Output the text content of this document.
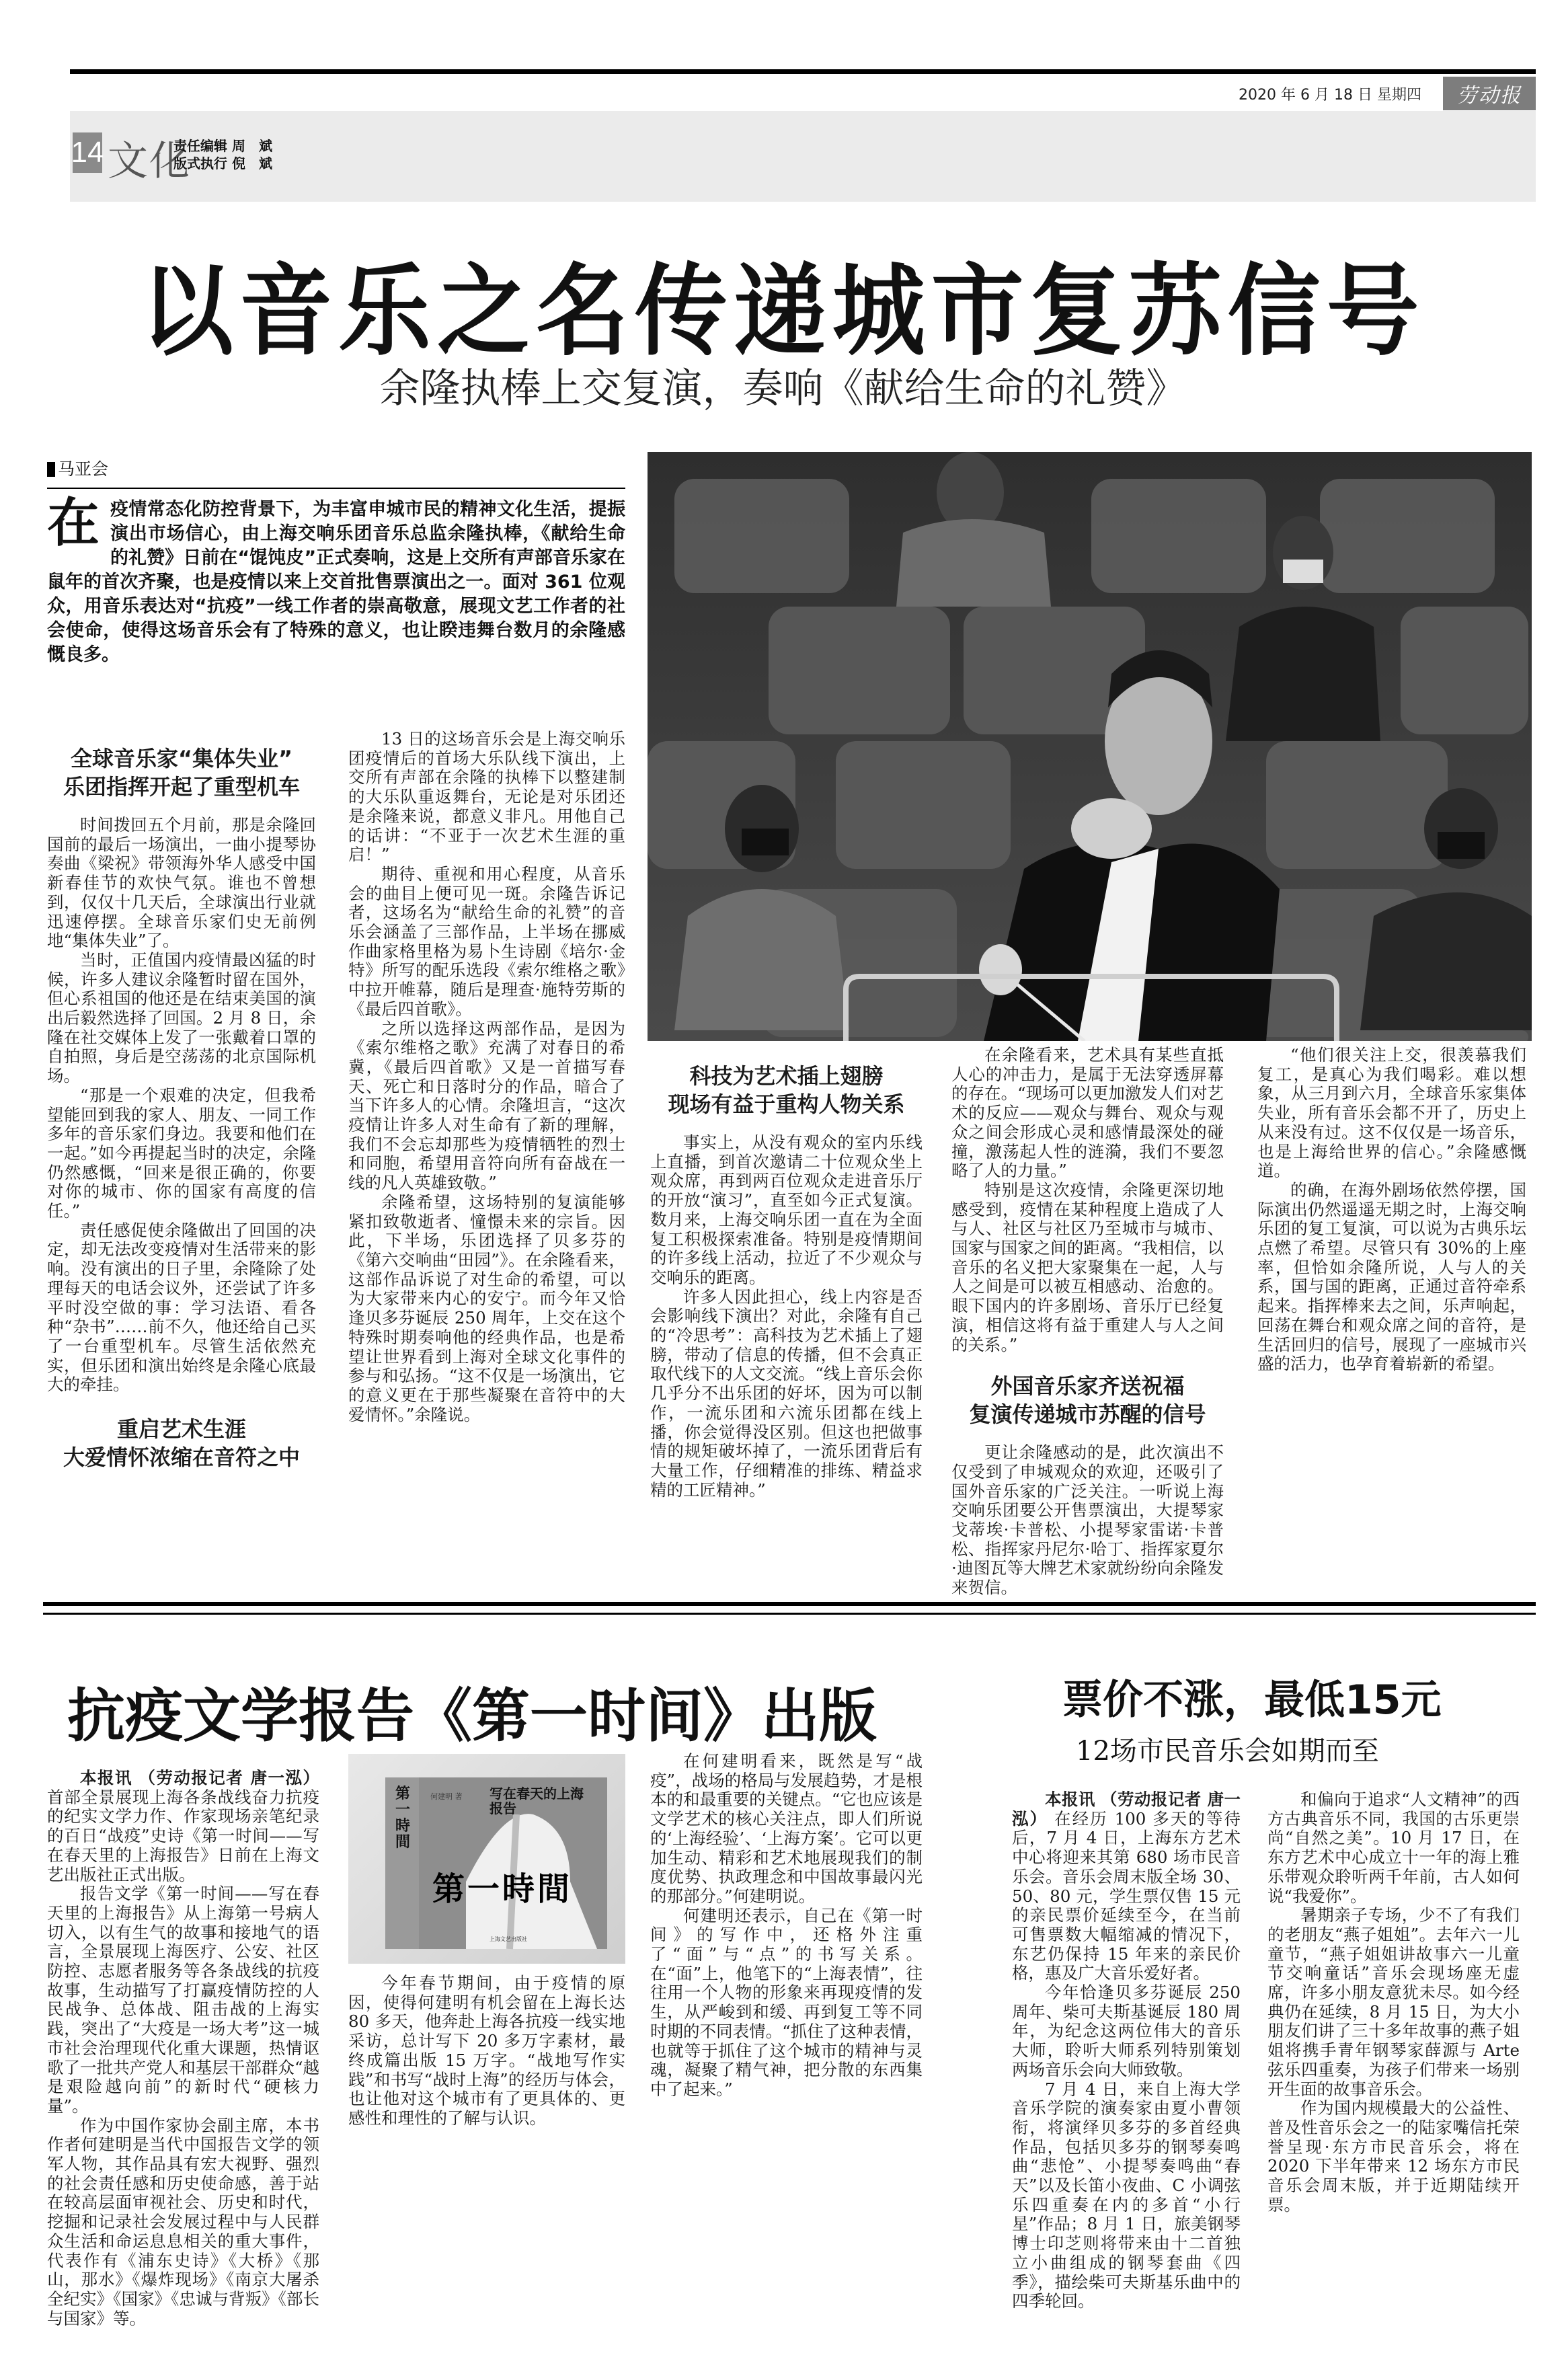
2020 年 6 月 18 日 星期四	劳动报
14 文化
责任编辑 周　斌
版式执行 倪　斌
以音乐之名传递城市复苏信号
余隆执棒上交复演，奏响《献给生命的礼赞》
马亚会
在 疫情常态化防控背景下，为丰富申城市民的精神文化生活，提振演出市场信心，由上海交响乐团音乐总监余隆执棒，《献给生命的礼赞》日前在“馄饨皮”正式奏响，这是上交所有声部音乐家在鼠年的首次齐聚，也是疫情以来上交首批售票演出之一。面对 361 位观众，用音乐表达对“抗疫”一线工作者的崇高敬意，展现文艺工作者的社会使命，使得这场音乐会有了特殊的意义，也让睽违舞台数月的余隆感慨良多。
全球音乐家“集体失业”
乐团指挥开起了重型机车

时间拨回五个月前，那是余隆回国前的最后一场演出，一曲小提琴协奏曲《梁祝》带领海外华人感受中国新春佳节的欢快气氛。谁也不曾想到，仅仅十几天后，全球演出行业就迅速停摆。全球音乐家们史无前例地“集体失业”了。

当时，正值国内疫情最凶猛的时候，许多人建议余隆暂时留在国外，但心系祖国的他还是在结束美国的演出后毅然选择了回国。2 月 8 日，余隆在社交媒体上发了一张戴着口罩的自拍照，身后是空荡荡的北京国际机场。

“那是一个艰难的决定，但我希望能回到我的家人、朋友、一同工作多年的音乐家们身边。我要和他们在一起。”如今再提起当时的决定，余隆仍然感慨，“回来是很正确的，你要对你的城市、你的国家有高度的信任。”

责任感促使余隆做出了回国的决定，却无法改变疫情对生活带来的影响。没有演出的日子里，余隆除了处理每天的电话会议外，还尝试了许多平时没空做的事：学习法语、看各种“杂书”……前不久，他还给自己买了一台重型机车。尽管生活依然充实，但乐团和演出始终是余隆心底最大的牵挂。

重启艺术生涯
大爱情怀浓缩在音符之中

13 日的这场音乐会是上海交响乐团疫情后的首场大乐队线下演出，上交所有声部在余隆的执棒下以整建制的大乐队重返舞台，无论是对乐团还是余隆来说，都意义非凡。用他自己的话讲：“不亚于一次艺术生涯的重启！”

期待、重视和用心程度，从音乐会的曲目上便可见一斑。余隆告诉记者，这场名为“献给生命的礼赞”的音乐会涵盖了三部作品，上半场在挪威作曲家格里格为易卜生诗剧《培尔·金特》所写的配乐选段《索尔维格之歌》中拉开帷幕，随后是理查·施特劳斯的《最后四首歌》。

之所以选择这两部作品，是因为《索尔维格之歌》充满了对春日的希冀，《最后四首歌》又是一首描写春天、死亡和日落时分的作品，暗合了当下许多人的心情。余隆坦言，“这次疫情让许多人对生命有了新的理解，我们不会忘却那些为疫情牺牲的烈士和同胞，希望用音符向所有奋战在一线的凡人英雄致敬。”

余隆希望，这场特别的复演能够紧扣致敬逝者、憧憬未来的宗旨。因此，下半场，乐团选择了贝多芬的《第六交响曲“田园”》。在余隆看来，这部作品诉说了对生命的希望，可以为大家带来内心的安宁。而今年又恰逢贝多芬诞辰 250 周年，上交在这个特殊时期奏响他的经典作品，也是希望让世界看到上海对全球文化事件的参与和弘扬。“这不仅是一场演出，它的意义更在于那些凝聚在音符中的大爱情怀。”余隆说。

科技为艺术插上翅膀
现场有益于重构人物关系

事实上，从没有观众的室内乐线上直播，到首次邀请二十位观众坐上观众席，再到两百位观众走进音乐厅的开放“演习”，直至如今正式复演。数月来，上海交响乐团一直在为全面复工积极探索准备。特别是疫情期间的许多线上活动，拉近了不少观众与交响乐的距离。

许多人因此担心，线上内容是否会影响线下演出？对此，余隆有自己的“冷思考”：高科技为艺术插上了翅膀，带动了信息的传播，但不会真正取代线下的人文交流。“线上音乐会你几乎分不出乐团的好坏，因为可以制作，一流乐团和六流乐团都在线上播，你会觉得没区别。但这也把做事情的规矩破坏掉了，一流乐团背后有大量工作，仔细精准的排练、精益求精的工匠精神。”

在余隆看来，艺术具有某些直抵人心的冲击力，是属于无法穿透屏幕的存在。“现场可以更加激发人们对艺术的反应——观众与舞台、观众与观众之间会形成心灵和感情最深处的碰撞，激荡起人性的涟漪，我们不要忽略了人的力量。”

特别是这次疫情，余隆更深切地感受到，疫情在某种程度上造成了人与人、社区与社区乃至城市与城市、国家与国家之间的距离。“我相信，以音乐的名义把大家聚集在一起，人与人之间是可以被互相感动、治愈的。眼下国内的许多剧场、音乐厅已经复演，相信这将有益于重建人与人之间的关系。”

外国音乐家齐送祝福
复演传递城市苏醒的信号

更让余隆感动的是，此次演出不仅受到了申城观众的欢迎，还吸引了国外音乐家的广泛关注。一听说上海交响乐团要公开售票演出，大提琴家戈蒂埃·卡普松、小提琴家雷诺·卡普松、指挥家丹尼尔·哈丁、指挥家夏尔·迪图瓦等大牌艺术家就纷纷向余隆发来贺信。

“他们很关注上交，很羡慕我们复工，是真心为我们喝彩。难以想象，从三月到六月，全球音乐家集体失业，所有音乐会都不开了，历史上从来没有过。这不仅仅是一场音乐，也是上海给世界的信心。”余隆感慨道。

的确，在海外剧场依然停摆，国际演出仍然遥遥无期之时，上海交响乐团的复工复演，可以说为古典乐坛点燃了希望。尽管只有 30%的上座率，但恰如余隆所说，人与人的关系，国与国的距离，正通过音符牵系起来。指挥棒来去之间，乐声响起，回荡在舞台和观众席之间的音符，是生活回归的信号，展现了一座城市兴盛的活力，也孕育着崭新的希望。

抗疫文学报告《第一时间》出版

本报讯 （劳动报记者 唐一泓） 首部全景展现上海各条战线奋力抗疫的纪实文学力作、作家现场亲笔纪录的百日“战疫”史诗《第一时间——写在春天里的上海报告》日前在上海文艺出版社正式出版。

报告文学《第一时间——写在春天里的上海报告》从上海第一号病人切入，以有生气的故事和接地气的语言，全景展现上海医疗、公安、社区防控、志愿者服务等各条战线的抗疫故事，生动描写了打赢疫情防控的人民战争、总体战、阻击战的上海实践，突出了“大疫是一场大考”这一城市社会治理现代化重大课题，热情讴歌了一批共产党人和基层干部群众“越是艰险越向前”的新时代“硬核力量”。

作为中国作家协会副主席，本书作者何建明是当代中国报告文学的领军人物，其作品具有宏大视野、强烈的社会责任感和历史使命感，善于站在较高层面审视社会、历史和时代，挖掘和记录社会发展过程中与人民群众生活和命运息息相关的重大事件，代表作有《浦东史诗》《大桥》《那山，那水》《爆炸现场》《南京大屠杀全纪实》《国家》《忠诚与背叛》《部长与国家》等。

第一時間
何建明 著 写在春天的上海报告
第一時間
上海文艺出版社

今年春节期间，由于疫情的原因，使得何建明有机会留在上海长达 80 多天，他奔赴上海各抗疫一线实地采访，总计写下 20 多万字素材，最终成篇出版 15 万字。“战地写作实践”和书写“战时上海”的经历与体会，也让他对这个城市有了更具体的、更感性和理性的了解与认识。

在何建明看来，既然是写“战疫”，战场的格局与发展趋势，才是根本的和最重要的关键点。“它也应该是文学艺术的核心关注点，即人们所说的‘上海经验’、‘上海方案’。它可以更加生动、精彩和艺术地展现我们的制度优势、执政理念和中国故事最闪光的那部分。”何建明说。

何建明还表示，自己在《第一时间》的写作中，还格外注重了“面”与“点”的书写关系。在“面”上，他笔下的“上海表情”，往往用一个人物的形象来再现疫情的发生，从严峻到和缓、再到复工等不同时期的不同表情。“抓住了这种表情，也就等于抓住了这个城市的精神与灵魂，凝聚了精气神，把分散的东西集中了起来。”

票价不涨，最低15元
12场市民音乐会如期而至

本报讯 （劳动报记者 唐一泓） 在经历 100 多天的等待后，7 月 4 日，上海东方艺术中心将迎来其第 680 场市民音乐会。音乐会周末版全场 30、50、80 元，学生票仅售 15 元的亲民票价延续至今，在当前可售票数大幅缩减的情况下，东艺仍保持 15 年来的亲民价格，惠及广大音乐爱好者。

今年恰逢贝多芬诞辰 250 周年、柴可夫斯基诞辰 180 周年，为纪念这两位伟大的音乐大师，聆听大师系列特别策划两场音乐会向大师致敬。

7 月 4 日，来自上海大学音乐学院的演奏家由夏小曹领衔，将演绎贝多芬的多首经典作品，包括贝多芬的钢琴奏鸣曲“悲怆”、小提琴奏鸣曲“春天”以及长笛小夜曲、C 小调弦乐四重奏在内的多首“小行星”作品；8 月 1 日，旅美钢琴博士印芝则将带来由十二首独立小曲组成的钢琴套曲《四季》，描绘柴可夫斯基乐曲中的四季轮回。

和偏向于追求“人文精神”的西方古典音乐不同，我国的古乐更崇尚“自然之美”。10 月 17 日，在东方艺术中心成立十一年的海上雅乐带观众聆听两千年前，古人如何说“我爱你”。

暑期亲子专场，少不了有我们的老朋友“燕子姐姐”。去年六一儿童节，“燕子姐姐讲故事六一儿童节交响童话”音乐会现场座无虚席，许多小朋友意犹未尽。如今经典仍在延续，8 月 15 日，为大小朋友们讲了三十多年故事的燕子姐姐将携手青年钢琴家薛源与 Arte 弦乐四重奏，为孩子们带来一场别开生面的故事音乐会。

作为国内规模最大的公益性、普及性音乐会之一的陆家嘴信托荣誉呈现·东方市民音乐会，将在 2020 下半年带来 12 场东方市民音乐会周末版，并于近期陆续开票。
